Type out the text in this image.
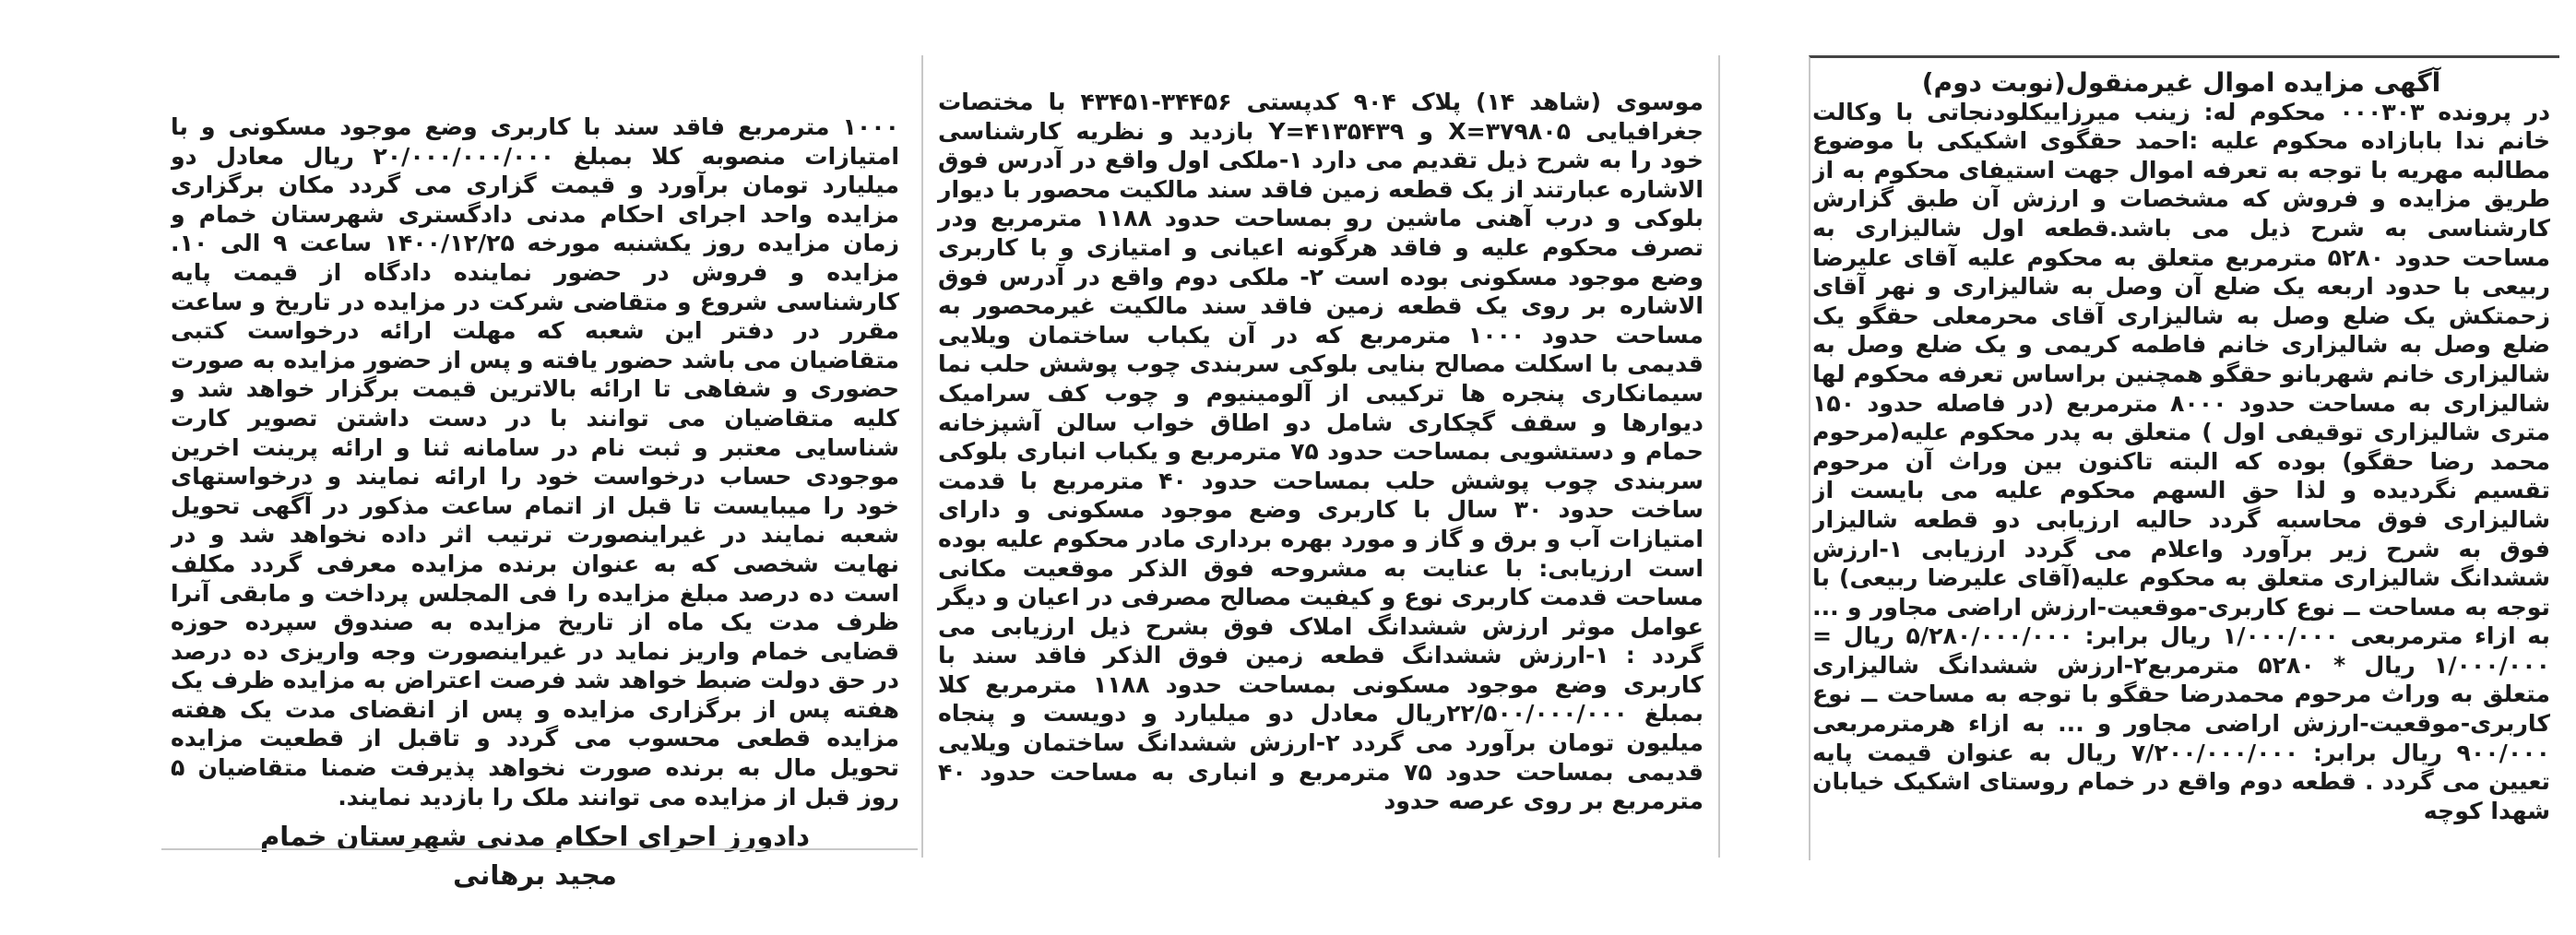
آگهی مزایده اموال غیرمنقول(نوبت دوم)

در پرونده ۰۰۰۳۰۳ محکوم له: زینب میرزاییکلودنجاتی با وکالت خانم ندا بابازاده محکوم علیه :احمد حقگوی اشکیکی با موضوع مطالبه مهریه با توجه به تعرفه اموال جهت استیفای محکوم به از طریق مزایده و فروش که مشخصات و ارزش آن طبق گزارش کارشناسی به شرح ذیل می باشد.قطعه اول شالیزاری به مساحت حدود ۵۲۸۰ مترمربع متعلق به محکوم علیه آقای علیرضا ربیعی با حدود اربعه یک ضلع آن وصل به شالیزاری و نهر آقای زحمتکش یک ضلع وصل به شالیزاری آقای محرمعلی حقگو یک ضلع وصل به شالیزاری خانم فاطمه کریمی و یک ضلع وصل به شالیزاری خانم شهربانو حقگو همچنین براساس تعرفه محکوم لها شالیزاری به مساحت حدود ۸۰۰۰ مترمربع (در فاصله حدود ۱۵۰ متری شالیزاری توقیفی اول ) متعلق به پدر محکوم علیه(مرحوم محمد رضا حقگو) بوده که البته تاکنون بین وراث آن مرحوم تقسیم نگردیده و لذا حق السهم محکوم علیه می بایست از شالیزاری فوق محاسبه گردد حالیه ارزیابی دو قطعه شالیزار فوق به شرح زیر برآورد واعلام می گردد ارزیابی ۱-ارزش ششدانگ شالیزاری متعلق به محکوم علیه(آقای علیرضا ربیعی) با توجه به مساحت ــ نوع کاربری-موقعیت-ارزش اراضی مجاور و ... به ازاء مترمربعی ۱/۰۰۰/۰۰۰ ریال برابر: ۵/۲۸۰/۰۰۰/۰۰۰ ریال = ۱/۰۰۰/۰۰۰ ریال * ۵۲۸۰ مترمربع۲-ارزش ششدانگ شالیزاری متعلق به وراث مرحوم محمدرضا حقگو با توجه به مساحت ــ نوع کاربری-موقعیت-ارزش اراضی مجاور و ... به ازاء هرمترمربعی ۹۰۰/۰۰۰ ریال برابر: ۷/۲۰۰/۰۰۰/۰۰۰ ریال به عنوان قیمت پایه تعیین می گردد . قطعه دوم واقع در خمام روستای اشکیک خیابان شهدا کوچه

موسوی (شاهد ۱۴) پلاک ۹۰۴ کدپستی ۳۴۴۵۶-۴۳۴۵۱ با مختصات جغرافیایی X=۳۷۹۸۰۵ و Y=۴۱۳۵۴۳۹ بازدید و نظریه کارشناسی خود را به شرح ذیل تقدیم می دارد ۱-ملکی اول واقع در آدرس فوق الاشاره عبارتند از یک قطعه زمین فاقد سند مالکیت محصور با دیوار بلوکی و درب آهنی ماشین رو بمساحت حدود ۱۱۸۸ مترمربع ودر تصرف محکوم علیه و فاقد هرگونه اعیانی و امتیازی و با کاربری وضع موجود مسکونی بوده است ۲- ملکی دوم واقع در آدرس فوق الاشاره بر روی یک قطعه زمین فاقد سند مالکیت غیرمحصور به مساحت حدود ۱۰۰۰ مترمربع که در آن یکباب ساختمان ویلایی قدیمی با اسکلت مصالح بنایی بلوکی سربندی چوب پوشش حلب نما سیمانکاری پنجره ها ترکیبی از آلومینیوم و چوب کف سرامیک دیوارها و سقف گچکاری شامل دو اطاق خواب سالن آشپزخانه حمام و دستشویی بمساحت حدود ۷۵ مترمربع و یکباب انباری بلوکی سربندی چوب پوشش حلب بمساحت حدود ۴۰ مترمربع با قدمت ساخت حدود ۳۰ سال با کاربری وضع موجود مسکونی و دارای امتیازات آب و برق و گاز و مورد بهره برداری مادر محکوم علیه بوده است ارزیابی: با عنایت به مشروحه فوق الذکر موقعیت مکانی مساحت قدمت کاربری نوع و کیفیت مصالح مصرفی در اعیان و دیگر عوامل موثر ارزش ششدانگ املاک فوق بشرح ذیل ارزیابی می گردد : ۱-ارزش ششدانگ قطعه زمین فوق الذکر فاقد سند با کاربری وضع موجود مسکونی بمساحت حدود ۱۱۸۸ مترمربع کلا بمبلغ ۲۲/۵۰۰/۰۰۰/۰۰۰ریال معادل دو میلیارد و دویست و پنجاه میلیون تومان برآورد می گردد ۲-ارزش ششدانگ ساختمان ویلایی قدیمی بمساحت حدود ۷۵ مترمربع و انباری به مساحت حدود ۴۰ مترمربع بر روی عرصه حدود

۱۰۰۰ مترمربع فاقد سند با کاربری وضع موجود مسکونی و با امتیازات منصوبه کلا بمبلغ ۲۰/۰۰۰/۰۰۰/۰۰۰ ریال معادل دو میلیارد تومان برآورد و قیمت گزاری می گردد مکان برگزاری مزایده واحد اجرای احکام مدنی دادگستری شهرستان خمام و زمان مزایده روز یکشنبه مورخه ۱۴۰۰/۱۲/۲۵ ساعت ۹ الی ۱۰. مزایده و فروش در حضور نماینده دادگاه از قیمت پایه کارشناسی شروع و متقاضی شرکت در مزایده در تاریخ و ساعت مقرر در دفتر این شعبه که مهلت ارائه درخواست کتبی متقاضیان می باشد حضور یافته و پس از حضور مزایده به صورت حضوری و شفاهی تا ارائه بالاترین قیمت برگزار خواهد شد و کلیه متقاضیان می توانند با در دست داشتن تصویر کارت شناسایی معتبر و ثبت نام در سامانه ثنا و ارائه پرینت اخرین موجودی حساب درخواست خود را ارائه نمایند و درخواستهای خود را میبایست تا قبل از اتمام ساعت مذکور در آگهی تحویل شعبه نمایند در غیراینصورت ترتیب اثر داده نخواهد شد و در نهایت شخصی که به عنوان برنده مزایده معرفی گردد مکلف است ده درصد مبلغ مزایده را فی المجلس پرداخت و مابقی آنرا ظرف مدت یک ماه از تاریخ مزایده به صندوق سپرده حوزه قضایی خمام واریز نماید در غیراینصورت وجه واریزی ده درصد در حق دولت ضبط خواهد شد فرصت اعتراض به مزایده ظرف یک هفته پس از برگزاری مزایده و پس از انقضای مدت یک هفته مزایده قطعی محسوب می گردد و تاقبل از قطعیت مزایده تحویل مال به برنده صورت نخواهد پذیرفت ضمنا متقاضیان ۵ روز قبل از مزایده می توانند ملک را بازدید نمایند.

دادورز اجرای احکام مدنی شهرستان خمام
مجید برهانی
